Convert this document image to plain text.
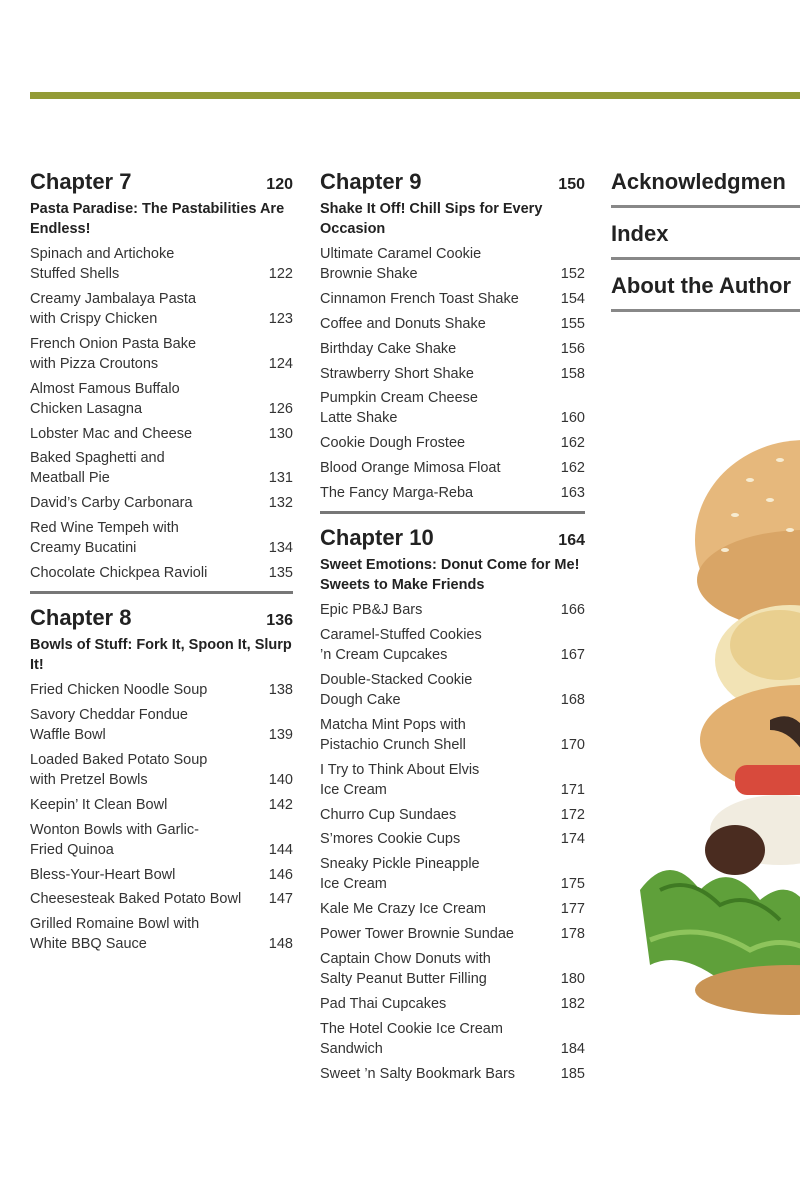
Chapter 7	120
Pasta Paradise: The Pastabilities Are Endless!
Spinach and Artichoke
Stuffed Shells	122
Creamy Jambalaya Pasta
with Crispy Chicken	123
French Onion Pasta Bake
with Pizza Croutons	124
Almost Famous Buffalo
Chicken Lasagna	126
Lobster Mac and Cheese	130
Baked Spaghetti and
Meatball Pie	131
David’s Carby Carbonara	132
Red Wine Tempeh with
Creamy Bucatini	134
Chocolate Chickpea Ravioli	135
Chapter 8	136
Bowls of Stuff: Fork It, Spoon It, Slurp It!
Fried Chicken Noodle Soup	138
Savory Cheddar Fondue
Waffle Bowl	139
Loaded Baked Potato Soup
with Pretzel Bowls	140
Keepin’ It Clean Bowl	142
Wonton Bowls with Garlic-
Fried Quinoa	144
Bless-Your-Heart Bowl	146
Cheesesteak Baked Potato Bowl	147
Grilled Romaine Bowl with
White BBQ Sauce	148
Chapter 9	150
Shake It Off! Chill Sips for Every Occasion
Ultimate Caramel Cookie
Brownie Shake	152
Cinnamon French Toast Shake	154
Coffee and Donuts Shake	155
Birthday Cake Shake	156
Strawberry Short Shake	158
Pumpkin Cream Cheese
Latte Shake	160
Cookie Dough Frostee	162
Blood Orange Mimosa Float	162
The Fancy Marga-Reba	163
Chapter 10	164
Sweet Emotions: Donut Come for Me! Sweets to Make Friends
Epic PB&J Bars	166
Caramel-Stuffed Cookies
’n Cream Cupcakes	167
Double-Stacked Cookie
Dough Cake	168
Matcha Mint Pops with
Pistachio Crunch Shell	170
I Try to Think About Elvis
Ice Cream	171
Churro Cup Sundaes	172
S’mores Cookie Cups	174
Sneaky Pickle Pineapple
Ice Cream	175
Kale Me Crazy Ice Cream	177
Power Tower Brownie Sundae	178
Captain Chow Donuts with
Salty Peanut Butter Filling	180
Pad Thai Cupcakes	182
The Hotel Cookie Ice Cream
Sandwich	184
Sweet ’n Salty Bookmark Bars	185
Acknowledgmen
Index
About the Author
